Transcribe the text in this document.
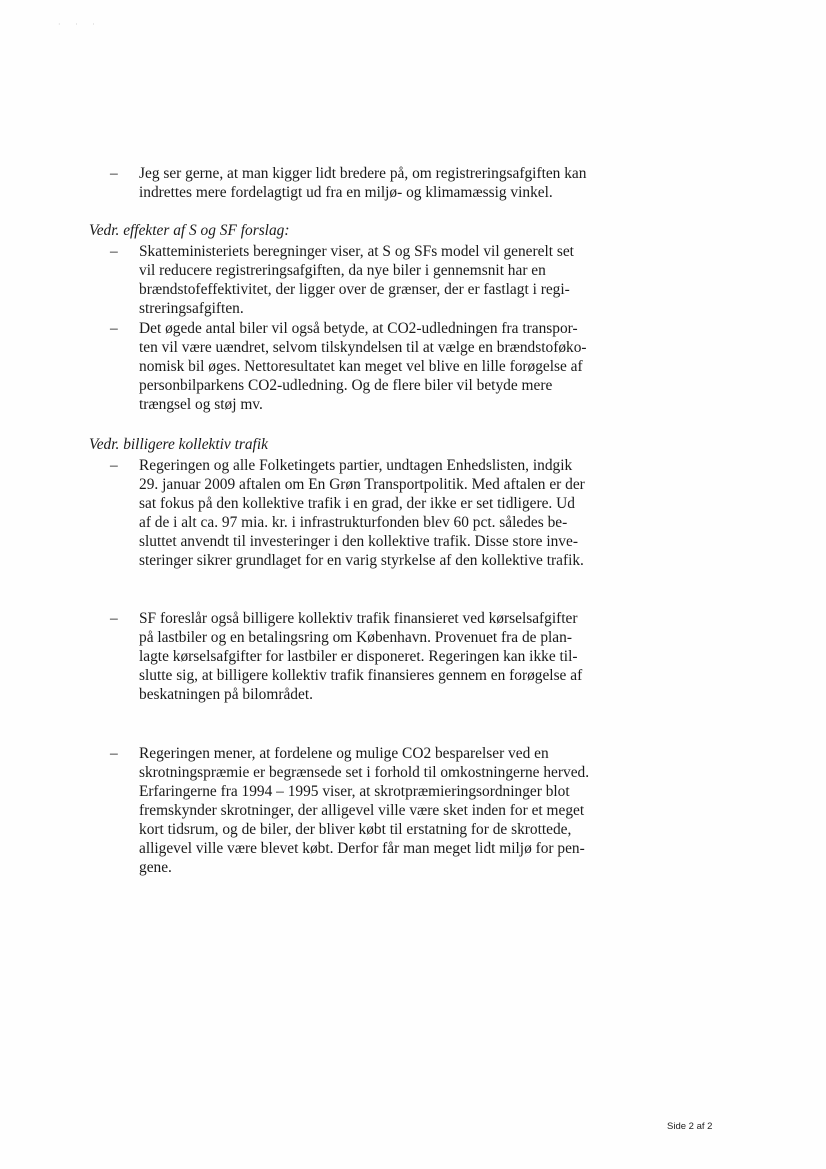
· · ·
–	Jeg ser gerne, at man kigger lidt bredere på, om registreringsafgiften kan
indrettes mere fordelagtigt ud fra en miljø- og klimamæssig vinkel.
Vedr. effekter af S og SF forslag:
–	Skatteministeriets beregninger viser, at S og SFs model vil generelt set
vil reducere registreringsafgiften, da nye biler i gennemsnit har en
brændstofeffektivitet, der ligger over de grænser, der er fastlagt i regi-
streringsafgiften.
–	Det øgede antal biler vil også betyde, at CO2-udledningen fra transpor-
ten vil være uændret, selvom tilskyndelsen til at vælge en brændstoføko-
nomisk bil øges. Nettoresultatet kan meget vel blive en lille forøgelse af
personbilparkens CO2-udledning. Og de flere biler vil betyde mere
trængsel og støj mv.
Vedr. billigere kollektiv trafik
–	Regeringen og alle Folketingets partier, undtagen Enhedslisten, indgik
29. januar 2009 aftalen om En Grøn Transportpolitik. Med aftalen er der
sat fokus på den kollektive trafik i en grad, der ikke er set tidligere. Ud
af de i alt ca. 97 mia. kr. i infrastrukturfonden blev 60 pct. således be-
sluttet anvendt til investeringer i den kollektive trafik. Disse store inve-
steringer sikrer grundlaget for en varig styrkelse af den kollektive trafik.
–	SF foreslår også billigere kollektiv trafik finansieret ved kørselsafgifter
på lastbiler og en betalingsring om København. Provenuet fra de plan-
lagte kørselsafgifter for lastbiler er disponeret. Regeringen kan ikke til-
slutte sig, at billigere kollektiv trafik finansieres gennem en forøgelse af
beskatningen på bilområdet.
–	Regeringen mener, at fordelene og mulige CO2 besparelser ved en
skrotningspræmie er begrænsede set i forhold til omkostningerne herved.
Erfaringerne fra 1994 – 1995 viser, at skrotpræmieringsordninger blot
fremskynder skrotninger, der alligevel ville være sket inden for et meget
kort tidsrum, og de biler, der bliver købt til erstatning for de skrottede,
alligevel ville være blevet købt. Derfor får man meget lidt miljø for pen-
gene.
Side 2 af 2
